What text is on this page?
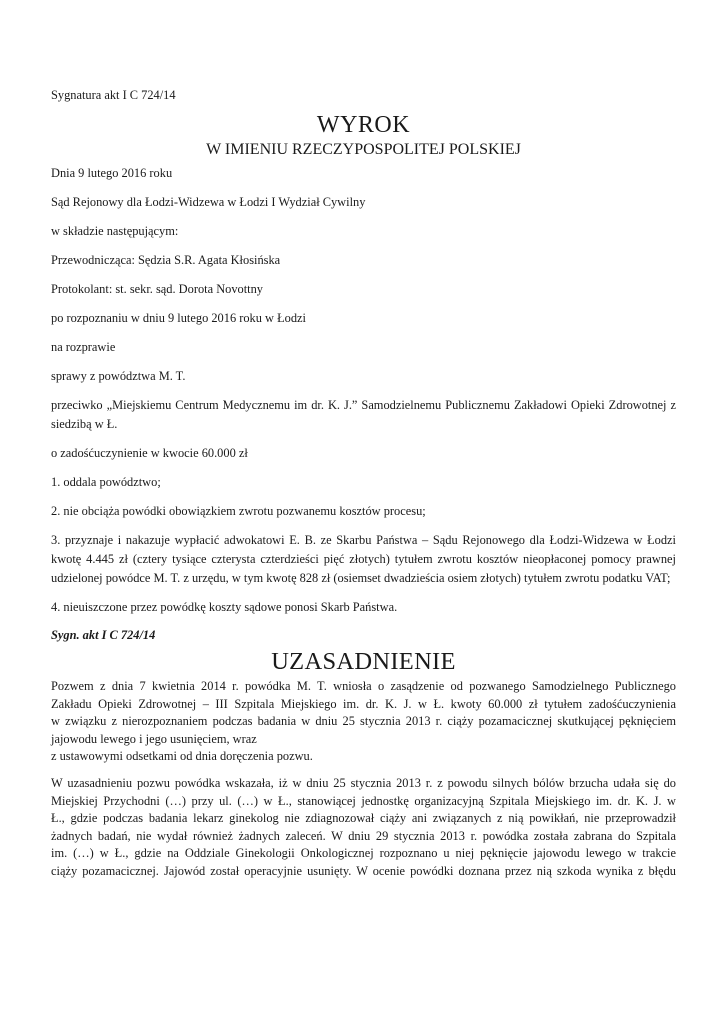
Sygnatura akt I C 724/14

WYROK

W IMIENIU RZECZYPOSPOLITEJ POLSKIEJ

Dnia 9 lutego 2016 roku

Sąd Rejonowy dla Łodzi-Widzewa w Łodzi I Wydział Cywilny

w składzie następującym:

Przewodnicząca: Sędzia S.R. Agata Kłosińska

Protokolant: st. sekr. sąd. Dorota Novottny

po rozpoznaniu w dniu 9 lutego 2016 roku w Łodzi

na rozprawie

sprawy z powództwa M. T.

przeciwko „Miejskiemu Centrum Medycznemu im dr. K. J.” Samodzielnemu Publicznemu Zakładowi Opieki Zdrowotnej z siedzibą w Ł.

o zadośćuczynienie w kwocie 60.000 zł

1. oddala powództwo;

2. nie obciąża powódki obowiązkiem zwrotu pozwanemu kosztów procesu;

3. przyznaje i nakazuje wypłacić adwokatowi E. B. ze Skarbu Państwa – Sądu Rejonowego dla Łodzi-Widzewa w Łodzi kwotę 4.445 zł (cztery tysiące czterysta czterdzieści pięć złotych) tytułem zwrotu kosztów nieopłaconej pomocy prawnej udzielonej powódce M. T. z urzędu, w tym kwotę 828 zł (osiemset dwadzieścia osiem złotych) tytułem zwrotu podatku VAT;

4. nieuiszczone przez powódkę koszty sądowe ponosi Skarb Państwa.

Sygn. akt I C 724/14

UZASADNIENIE

Pozwem z dnia 7 kwietnia 2014 r. powódka M. T. wniosła o zasądzenie od pozwanego Samodzielnego Publicznego
Zakładu Opieki Zdrowotnej – III Szpitala Miejskiego im. dr. K. J. w Ł. kwoty 60.000 zł tytułem zadośćuczynienia
w związku z nierozpoznaniem podczas badania w dniu 25 stycznia 2013 r. ciąży pozamacicznej skutkującej pęknięciem
jajowodu lewego i jego usunięciem, wraz
z ustawowymi odsetkami od dnia doręczenia pozwu.
W uzasadnieniu pozwu powódka wskazała, iż w dniu 25 stycznia 2013 r. z powodu silnych bólów brzucha udała się do
Miejskiej Przychodni (…) przy ul. (…) w Ł., stanowiącej jednostkę organizacyjną Szpitala Miejskiego im. dr. K. J. w
Ł., gdzie podczas badania lekarz ginekolog nie zdiagnozował ciąży ani związanych z nią powikłań, nie przeprowadził
żadnych badań, nie wydał również żadnych zaleceń. W dniu 29 stycznia 2013 r. powódka została zabrana do Szpitala
im. (…) w Ł., gdzie na Oddziale Ginekologii Onkologicznej rozpoznano u niej pęknięcie jajowodu lewego w trakcie
ciąży pozamacicznej. Jajowód został operacyjnie usunięty. W ocenie powódki doznana przez nią szkoda wynika z błędu
